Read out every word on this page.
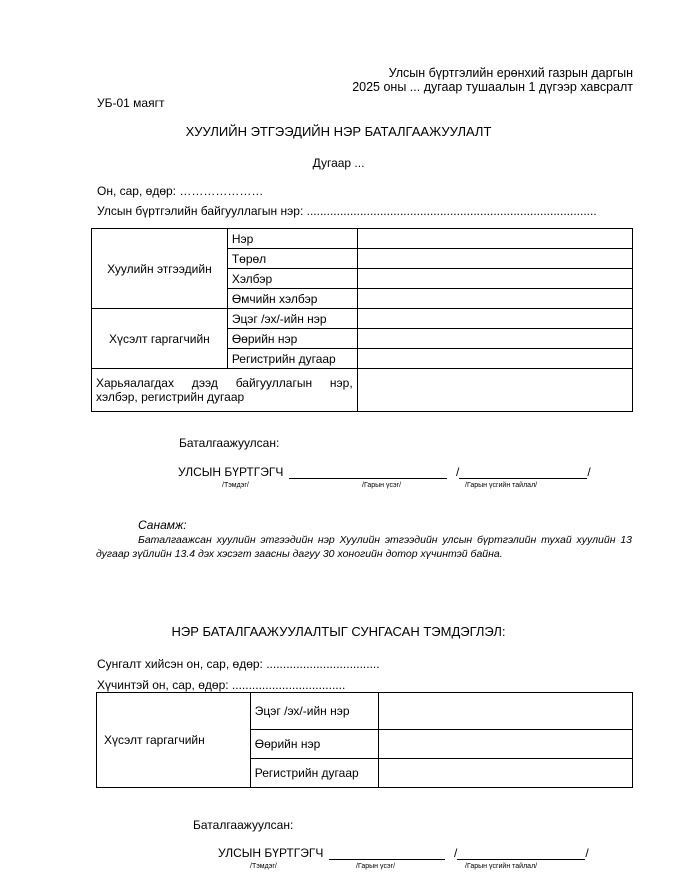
Улсын бүртгэлийн ерөнхий газрын даргын
2025 оны ... дугаар тушаалын 1 дүгээр хавсралт
УБ-01 маягт
ХУУЛИЙН ЭТГЭЭДИЙН НЭР БАТАЛГААЖУУЛАЛТ
Дугаар ...
Он, сар, өдөр: …………………
Улсын бүртгэлийн байгууллагын нэр: .......................................................................................
Хуулийн этгээдийн	Нэр	
	Төрөл	
	Хэлбэр	
	Өмчийн хэлбэр	
Хүсэлт гаргагчийн	Эцэг /эх/-ийн нэр	
	Өөрийн нэр	
	Регистрийн дугаар	

Харьяалагдах дээд байгууллагын нэр,
хэлбэр, регистрийн дугаар		

Баталгаажуулсан:
УЛСЫН БҮРТГЭГЧ	/	/
/Тэмдэг/	/Гарын үсэг/	/Гарын үсгийн тайлал/
Санамж:
Баталгаажсан хуулийн этгээдийн нэр Хуулийн этгээдийн улсын бүртгэлийн тухай хуулийн 13 дугаар зүйлийн 13.4 дэх хэсэгт заасны дагуу 30 хоногийн дотор хүчинтэй байна.
НЭР БАТАЛГААЖУУЛАЛТЫГ СУНГАСАН ТЭМДЭГЛЭЛ:
Сунгалт хийсэн он, сар, өдөр: ..................................
Хүчинтэй он, сар, өдөр: ..................................
Хүсэлт гаргагчийн	Эцэг /эх/-ийн нэр	
	Өөрийн нэр	
	Регистрийн дугаар	
Баталгаажуулсан:
УЛСЫН БҮРТГЭГЧ	/	/
/Тэмдэг/	/Гарын үсэг/	/Гарын үсгийн тайлал/
